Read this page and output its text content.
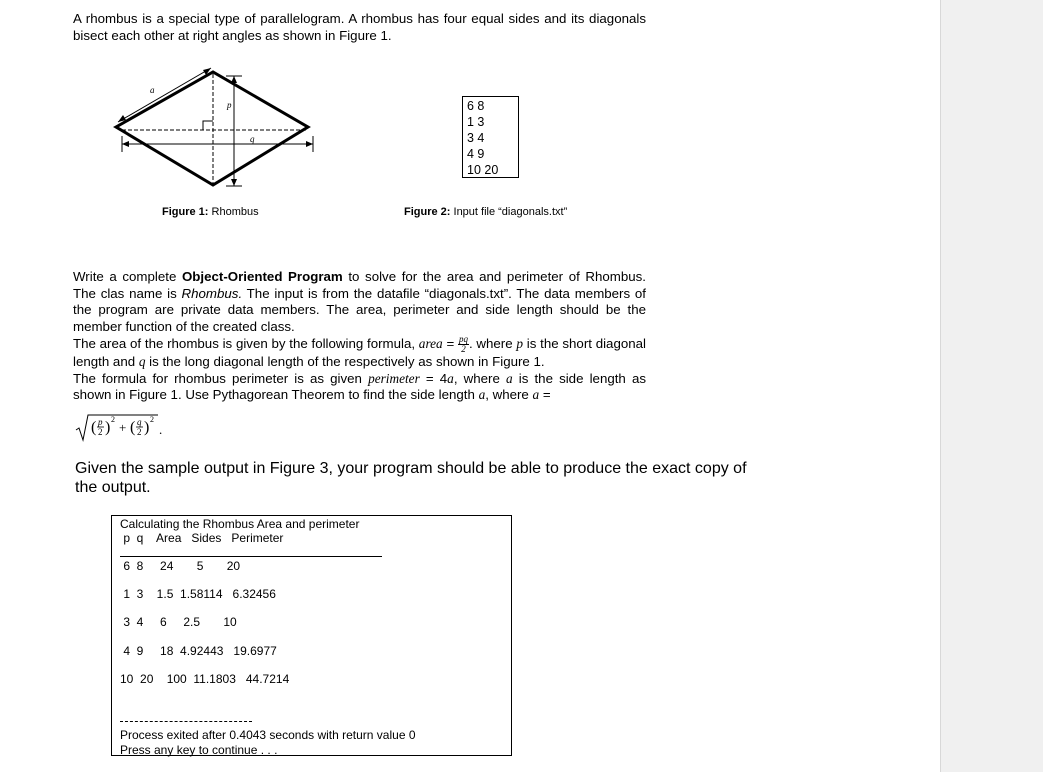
A rhombus is a special type of parallelogram. A rhombus has four equal sides and its diagonals bisect each other at right angles as shown in Figure 1.
a
p
q
Figure 1: Rhombus
6 8
1 3
3 4
4 9
10 20
Figure 2: Input file “diagonals.txt”
Write a complete Object-Oriented Program to solve for the area and perimeter of Rhombus. The clas name is Rhombus. The input is from the datafile “diagonals.txt”. The data members of the program are private data members. The area, perimeter and side length should be the member function of the created class.
The area of the rhombus is given by the following formula, area = $\frac{pq}{2}$. where p is the short diagonal length and q is the long diagonal length of the respectively as shown in Figure 1.
The formula for rhombus perimeter is as given perimeter = 4a, where a is the side length as shown in Figure 1. Use Pythagorean Theorem to find the side length a, where a =
( p
2 ) 2
+ ( q
2 ) 2
.
Given the sample output in Figure 3, your program should be able to produce the exact copy of the output.
Calculating the Rhombus Area and perimeter
p  q    Area   Sides   Perimeter
6  8     24       5       20
1  3    1.5  1.58114   6.32456
3  4     6     2.5       10
4  9     18  4.92443   19.6977
10  20    100  11.1803   44.7214
Process exited after 0.4043 seconds with return value 0
Press any key to continue . . .
